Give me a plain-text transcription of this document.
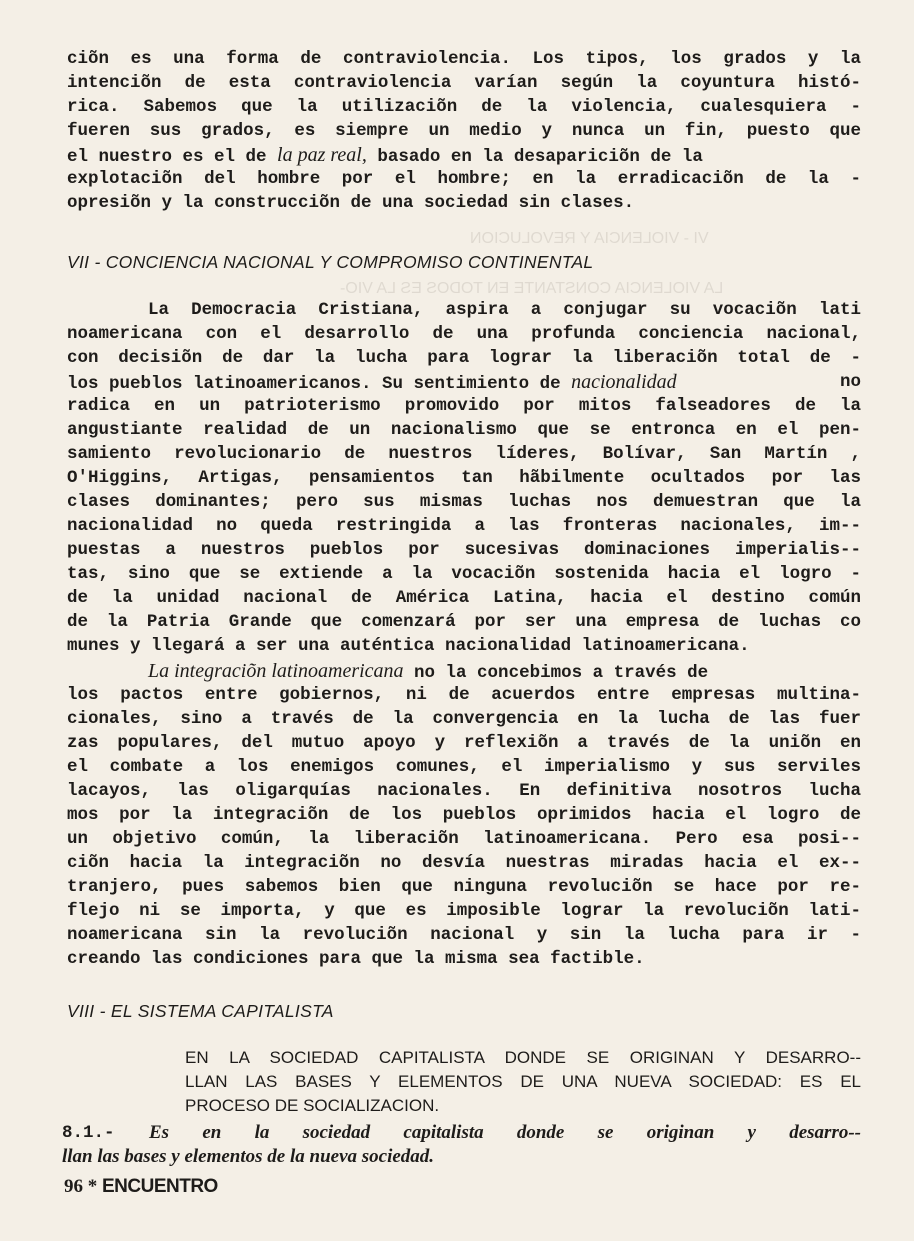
VI - VIOLENCIA Y REVOLUCION
LA VIOLENCIA CONSTANTE EN TODOS ES LA VIO-
ciõn es una forma de contraviolencia. Los tipos, los grados y la
intenciõn de esta contraviolencia varían según la coyuntura histó-
rica. Sabemos que la utilizaciõn de la violencia, cualesquiera -
fueren sus grados, es siempre un medio y nunca un fin, puesto que
el nuestro es el de la paz real, basado en la desapariciõn de la
explotaciõn del hombre por el hombre; en la erradicaciõn de la -
opresiõn y la construcciõn de una sociedad sin clases.
VII - CONCIENCIA NACIONAL Y COMPROMISO CONTINENTAL
La Democracia Cristiana, aspira a conjugar su vocaciõn lati
noamericana con el desarrollo de una profunda conciencia nacional,
con decisiõn de dar la lucha para lograr la liberaciõn total de -
los pueblos latinoamericanos. Su sentimiento de nacionalidad	no
radica en un patrioterismo promovido por mitos falseadores de la
angustiante realidad de un nacionalismo que se entronca en el pen-
samiento revolucionario de nuestros líderes, Bolívar, San Martín ,
O'Higgins, Artigas, pensamientos tan hãbilmente ocultados por las
clases dominantes; pero sus mismas luchas nos demuestran que la
nacionalidad no queda restringida a las fronteras nacionales, im--
puestas a nuestros pueblos por sucesivas dominaciones imperialis--
tas, sino que se extiende a la vocaciõn sostenida hacia el logro -
de la unidad nacional de América Latina, hacia el destino común
de la Patria Grande que comenzará por ser una empresa de luchas co
munes y llegará a ser una auténtica nacionalidad latinoamericana.
La integraciõn latinoamericana no la concebimos a través de
los pactos entre gobiernos, ni de acuerdos entre empresas multina-
cionales, sino a través de la convergencia en la lucha de las fuer
zas populares, del mutuo apoyo y reflexiõn a través de la uniõn en
el combate a los enemigos comunes, el imperialismo y sus serviles
lacayos, las oligarquías nacionales. En definitiva nosotros lucha
mos por la integraciõn de los pueblos oprimidos hacia el logro de
un objetivo común, la liberaciõn latinoamericana. Pero esa posi--
ciõn hacia la integraciõn no desvía nuestras miradas hacia el ex--
tranjero, pues sabemos bien que ninguna revoluciõn se hace por re-
flejo ni se importa, y que es imposible lograr la revoluciõn lati-
noamericana sin la revoluciõn nacional y sin la lucha para ir -
creando las condiciones para que la misma sea factible.
VIII - EL SISTEMA CAPITALISTA
EN LA SOCIEDAD CAPITALISTA DONDE SE ORIGINAN Y DESARRO--
LLAN LAS BASES Y ELEMENTOS DE UNA NUEVA SOCIEDAD: ES EL
PROCESO DE SOCIALIZACION.
8.1.- Es en la sociedad capitalista donde se originan y desarro--
llan las bases y elementos de la nueva sociedad.
96 * ENCUENTRO
